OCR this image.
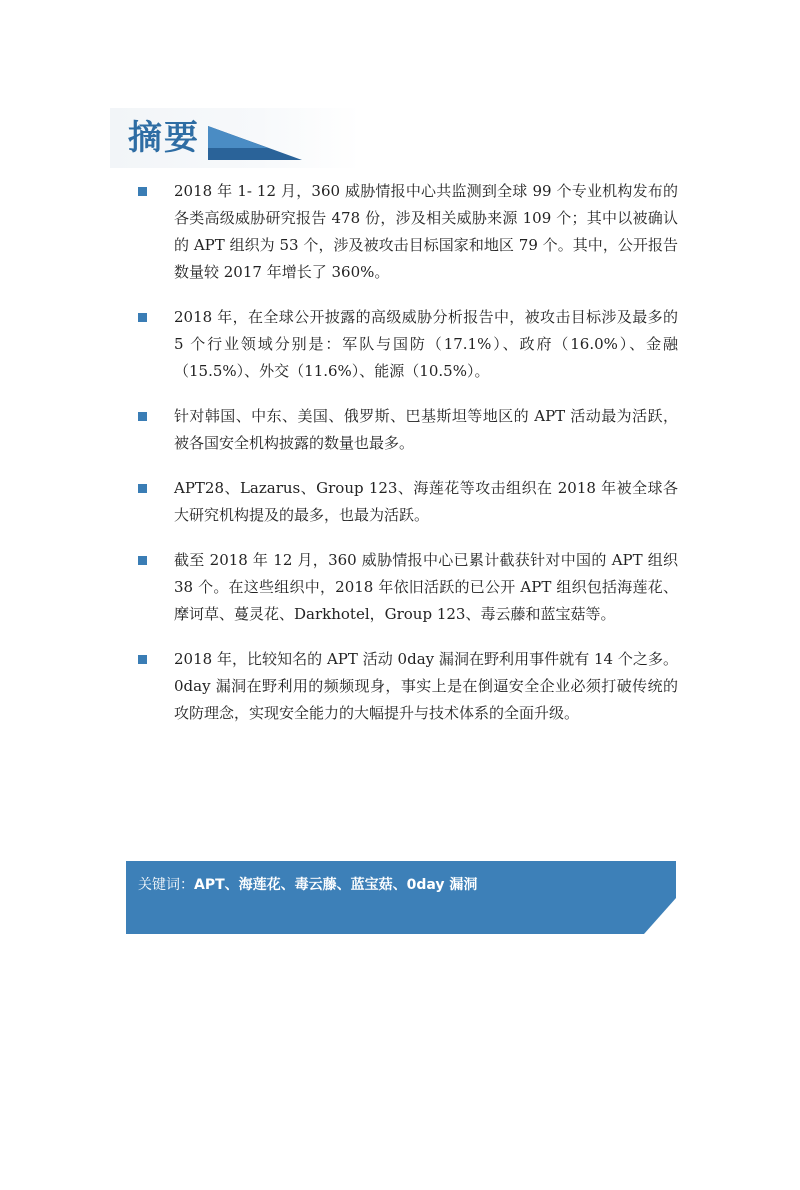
摘要
2018 年 1- 12 月，360 威胁情报中心共监测到全球 99 个专业机构发布的各类高级威胁研究报告 478 份，涉及相关威胁来源 109 个；其中以被确认的 APT 组织为 53 个，涉及被攻击目标国家和地区 79 个。其中，公开报告数量较 2017 年增长了 360%。
2018 年，在全球公开披露的高级威胁分析报告中，被攻击目标涉及最多的 5 个行业领域分别是：军队与国防（17.1%）、政府（16.0%）、金融（15.5%）、外交（11.6%）、能源（10.5%）。
针对韩国、中东、美国、俄罗斯、巴基斯坦等地区的 APT 活动最为活跃，被各国安全机构披露的数量也最多。
APT28、Lazarus、Group 123、海莲花等攻击组织在 2018 年被全球各大研究机构提及的最多，也最为活跃。
截至 2018 年 12 月，360 威胁情报中心已累计截获针对中国的 APT 组织 38 个。在这些组织中，2018 年依旧活跃的已公开 APT 组织包括海莲花、摩诃草、蔓灵花、Darkhotel，Group 123、毒云藤和蓝宝菇等。
2018 年，比较知名的 APT 活动 0day 漏洞在野利用事件就有 14 个之多。0day 漏洞在野利用的频频现身，事实上是在倒逼安全企业必须打破传统的攻防理念，实现安全能力的大幅提升与技术体系的全面升级。
关键词：APT、海莲花、毒云藤、蓝宝菇、0day 漏洞
